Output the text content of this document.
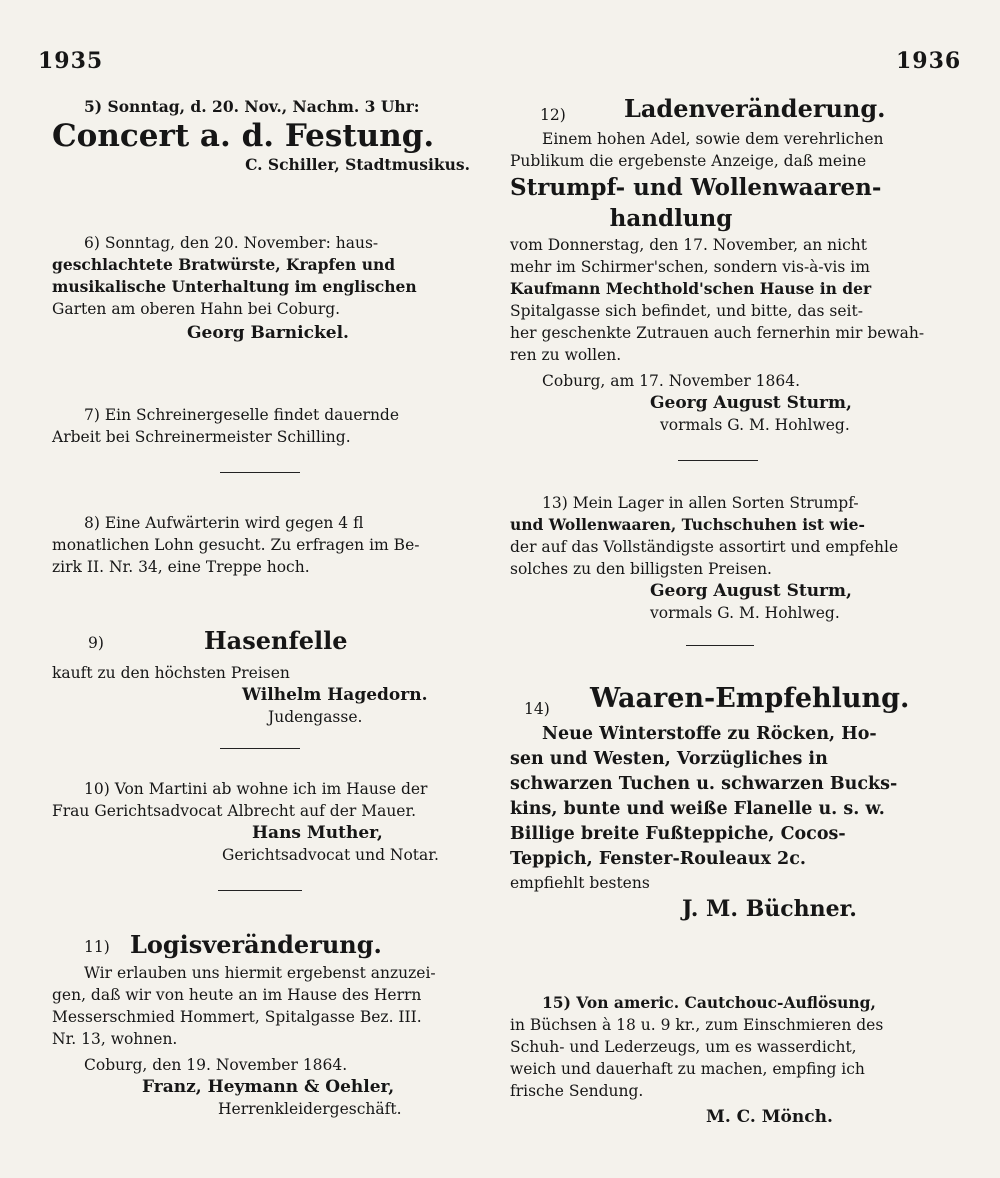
1935	1936
5) Sonntag, d. 20. Nov., Nachm. 3 Uhr:
Concert a. d. Festung.
C. Schiller, Stadtmusikus.
6) Sonntag, den 20. November: haus-
geschlachtete Bratwürste, Krapfen und
musikalische Unterhaltung im englischen
Garten am oberen Hahn bei Coburg.
Georg Barnickel.
7) Ein Schreinergeselle findet dauernde
Arbeit bei Schreinermeister Schilling.
8) Eine Aufwärterin wird gegen 4 fl
monatlichen Lohn gesucht. Zu erfragen im Be-
zirk II. Nr. 34, eine Treppe hoch.
9)	Hasenfelle
kauft zu den höchsten Preisen
Wilhelm Hagedorn.
Judengasse.
10) Von Martini ab wohne ich im Hause der
Frau Gerichtsadvocat Albrecht auf der Mauer.
Hans Muther,
Gerichtsadvocat und Notar.
11) Logisveränderung.
Wir erlauben uns hiermit ergebenst anzuzei-
gen, daß wir von heute an im Hause des Herrn
Messerschmied Hommert, Spitalgasse Bez. III.
Nr. 13, wohnen.
Coburg, den 19. November 1864.
Franz, Heymann & Oehler,
Herrenkleidergeschäft.
12) Ladenveränderung.
Einem hohen Adel, sowie dem verehrlichen
Publikum die ergebenste Anzeige, daß meine
Strumpf- und Wollenwaaren-
handlung
vom Donnerstag, den 17. November, an nicht
mehr im Schirmer'schen, sondern vis-à-vis im
Kaufmann Mechthold'schen Hause in der
Spitalgasse sich befindet, und bitte, das seit-
her geschenkte Zutrauen auch fernerhin mir bewah-
ren zu wollen.
Coburg, am 17. November 1864.
Georg August Sturm,
vormals G. M. Hohlweg.
13) Mein Lager in allen Sorten Strumpf-
und Wollenwaaren, Tuchschuhen ist wie-
der auf das Vollständigste assortirt und empfehle
solches zu den billigsten Preisen.
Georg August Sturm,
vormals G. M. Hohlweg.
14) Waaren-Empfehlung.
Neue Winterstoffe zu Röcken, Ho-
sen und Westen, Vorzügliches in
schwarzen Tuchen u. schwarzen Bucks-
kins, bunte und weiße Flanelle u. s. w.
Billige breite Fußteppiche, Cocos-
Teppich, Fenster-Rouleaux 2c.
empfiehlt bestens
J. M. Büchner.
15) Von americ. Cautchouc-Auflösung,
in Büchsen à 18 u. 9 kr., zum Einschmieren des
Schuh- und Lederzeugs, um es wasserdicht,
weich und dauerhaft zu machen, empfing ich
frische Sendung.
M. C. Mönch.
